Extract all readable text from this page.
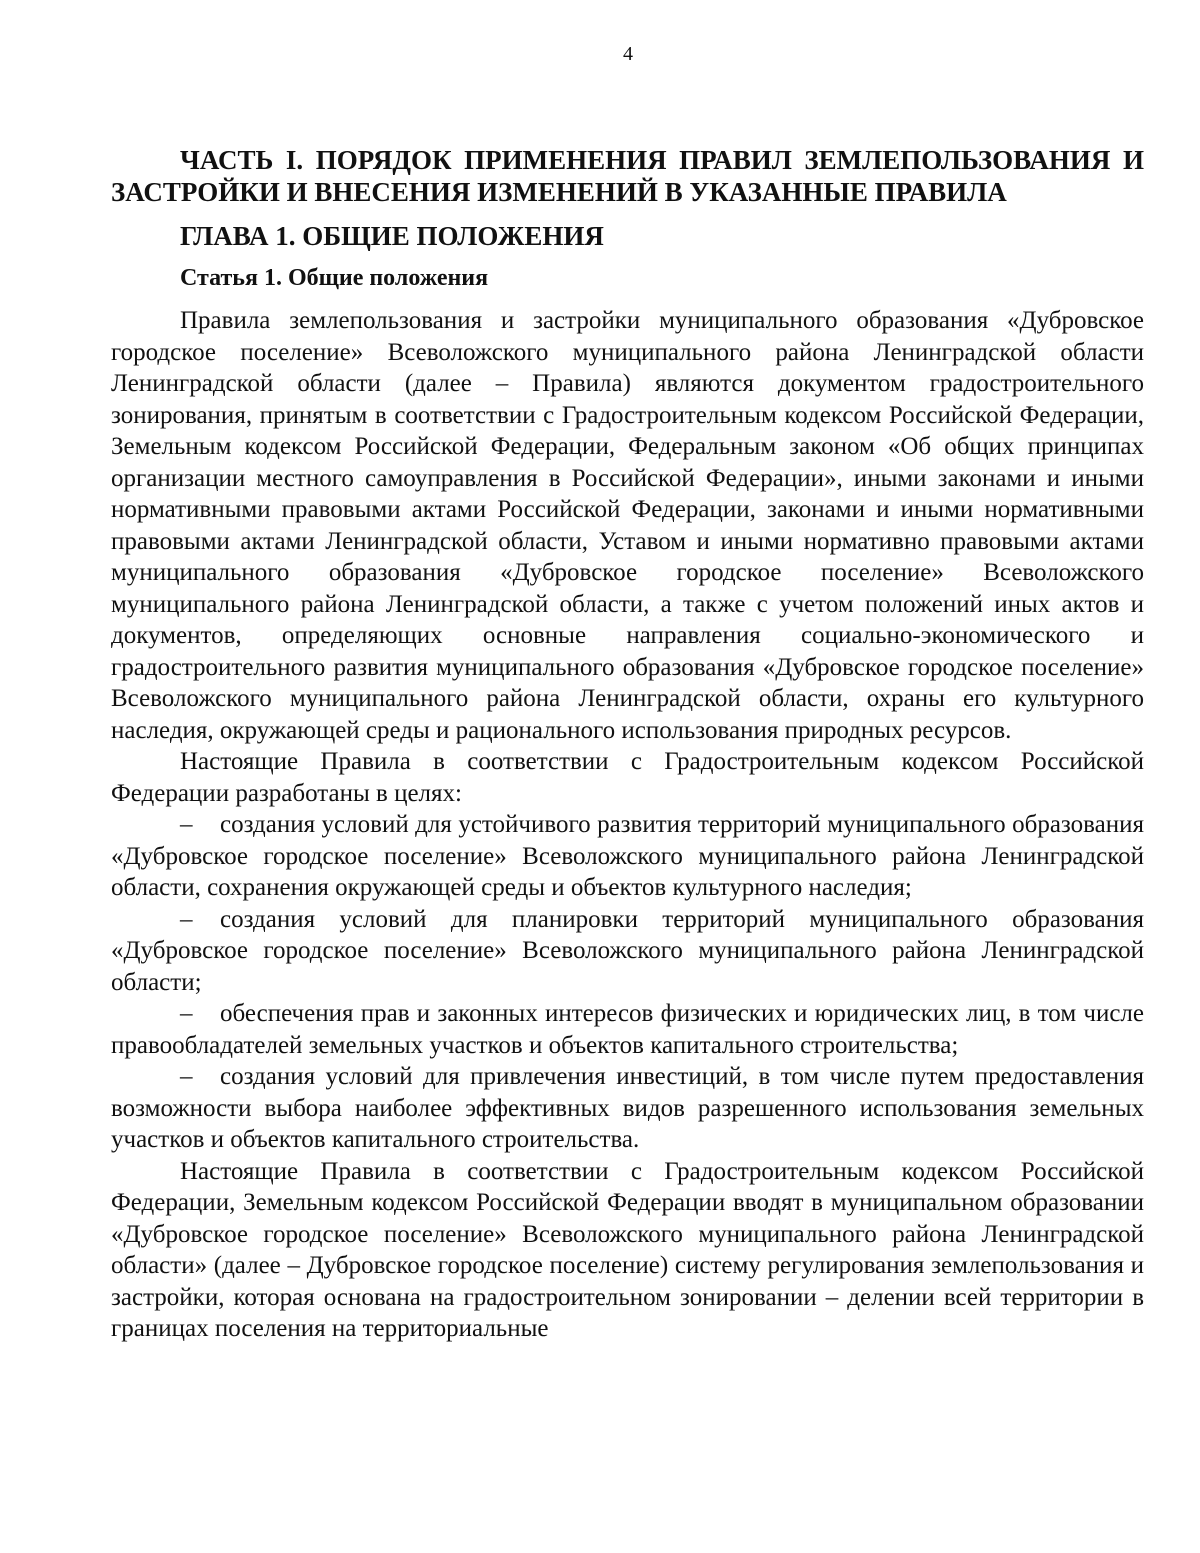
4
ЧАСТЬ I. ПОРЯДОК ПРИМЕНЕНИЯ ПРАВИЛ ЗЕМЛЕПОЛЬЗОВАНИЯ И ЗАСТРОЙКИ И ВНЕСЕНИЯ ИЗМЕНЕНИЙ В УКАЗАННЫЕ ПРАВИЛА
ГЛАВА 1. ОБЩИЕ ПОЛОЖЕНИЯ
Статья 1. Общие положения

Правила землепользования и застройки муниципального образования «Дубровское городское поселение» Всеволожского муниципального района Ленинградской области Ленинградской области (далее – Правила) являются документом градостроительного зонирования, принятым в соответствии с Градостроительным кодексом Российской Федерации, Земельным кодексом Российской Федерации, Федеральным законом «Об общих принципах организации местного самоуправления в Российской Федерации», иными законами и иными нормативными правовыми актами Российской Федерации, законами и иными нормативными правовыми актами Ленинградской области, Уставом и иными нормативно правовыми актами муниципального образования «Дубровское городское поселение» Всеволожского муниципального района Ленинградской области, а также с учетом положений иных актов и документов, определяющих основные направления социально-экономического и градостроительного развития муниципального образования «Дубровское городское поселение» Всеволожского муниципального района Ленинградской области, охраны его культурного наследия, окружающей среды и рационального использования природных ресурсов.

Настоящие Правила в соответствии с Градостроительным кодексом Российской Федерации разработаны в целях:

– создания условий для устойчивого развития территорий муниципального образования «Дубровское городское поселение» Всеволожского муниципального района Ленинградской области, сохранения окружающей среды и объектов культурного наследия;
– создания условий для планировки территорий муниципального образования «Дубровское городское поселение» Всеволожского муниципального района Ленинградской области;
– обеспечения прав и законных интересов физических и юридических лиц, в том числе правообладателей земельных участков и объектов капитального строительства;
– создания условий для привлечения инвестиций, в том числе путем предоставления возможности выбора наиболее эффективных видов разрешенного использования земельных участков и объектов капитального строительства.

Настоящие Правила в соответствии с Градостроительным кодексом Российской Федерации, Земельным кодексом Российской Федерации вводят в муниципальном образовании «Дубровское городское поселение» Всеволожского муниципального района Ленинградской области» (далее – Дубровское городское поселение) систему регулирования землепользования и застройки, которая основана на градостроительном зонировании – делении всей территории в границах поселения на территориальные
